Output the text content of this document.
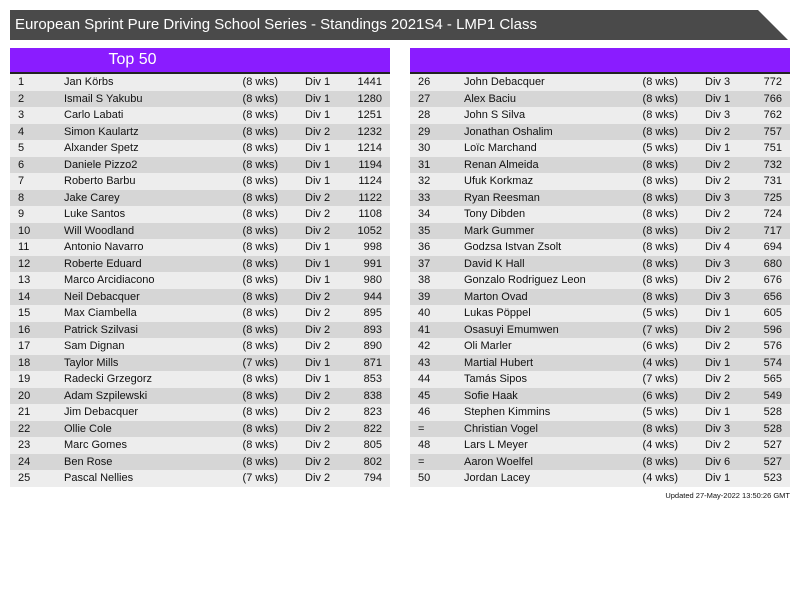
European Sprint Pure Driving School Series - Standings 2021S4 - LMP1 Class
Top 50
1	Jan Körbs	(8 wks) Div 1 1441
2	Ismail S Yakubu	(8 wks) Div 1 1280
3	Carlo Labati	(8 wks) Div 1 1251
4	Simon Kaulartz	(8 wks) Div 2 1232
5	Alxander Spetz	(8 wks) Div 1 1214
6	Daniele Pizzo2	(8 wks) Div 1	1194
7	Roberto Barbu	(8 wks) Div 1	1124
8	Jake Carey	(8 wks) Div 2	1122
9	Luke Santos	(8 wks) Div 2	1108
10	Will Woodland	(8 wks) Div 2 1052
11	Antonio Navarro	(8 wks) Div 1	998
12	Roberte Eduard	(8 wks) Div 1	991
13	Marco Arcidiacono	(8 wks) Div 1	980
14	Neil Debacquer	(8 wks) Div 2	944
15	Max Ciambella	(8 wks) Div 2	895
16	Patrick Szilvasi	(8 wks) Div 2	893
17	Sam Dignan	(8 wks) Div 2	890
18	Taylor Mills	(7 wks) Div 1	871
19	Radecki Grzegorz	(8 wks) Div 1	853
20	Adam Szpilewski	(8 wks) Div 2	838
21	Jim Debacquer	(8 wks) Div 2	823
22	Ollie Cole	(8 wks) Div 2	822
23	Marc Gomes	(8 wks) Div 2	805
24	Ben Rose	(8 wks) Div 2	802
25	Pascal Nellies	(7 wks) Div 2	794
26	John Debacquer	(8 wks) Div 3	772
27	Alex Baciu	(8 wks) Div 1	766
28	John S Silva	(8 wks) Div 3	762
29	Jonathan Oshalim	(8 wks) Div 2	757
30	Loïc Marchand	(5 wks) Div 1	751
31	Renan Almeida	(8 wks) Div 2	732
32	Ufuk Korkmaz	(8 wks) Div 2	731
33	Ryan Reesman	(8 wks) Div 3	725
34	Tony Dibden	(8 wks) Div 2	724
35	Mark Gummer	(8 wks) Div 2	717
36	Godzsa Istvan Zsolt	(8 wks) Div 4	694
37	David K Hall	(8 wks) Div 3	680
38	Gonzalo Rodriguez Leon	(8 wks) Div 2	676
39	Marton Ovad	(8 wks) Div 3	656
40	Lukas Pöppel	(5 wks) Div 1	605
41	Osasuyi Emumwen	(7 wks) Div 2	596
42	Oli Marler	(6 wks) Div 2	576
43	Martial Hubert	(4 wks) Div 1	574
44	Tamás Sipos	(7 wks) Div 2	565
45	Sofie Haak	(6 wks) Div 2	549
46	Stephen Kimmins	(5 wks) Div 1	528
=	Christian Vogel	(8 wks) Div 3	528
48	Lars L Meyer	(4 wks) Div 2	527
=	Aaron Woelfel	(8 wks) Div 6	527
50	Jordan Lacey	(4 wks) Div 1	523
Updated 27-May-2022 13:50:26 GMT
